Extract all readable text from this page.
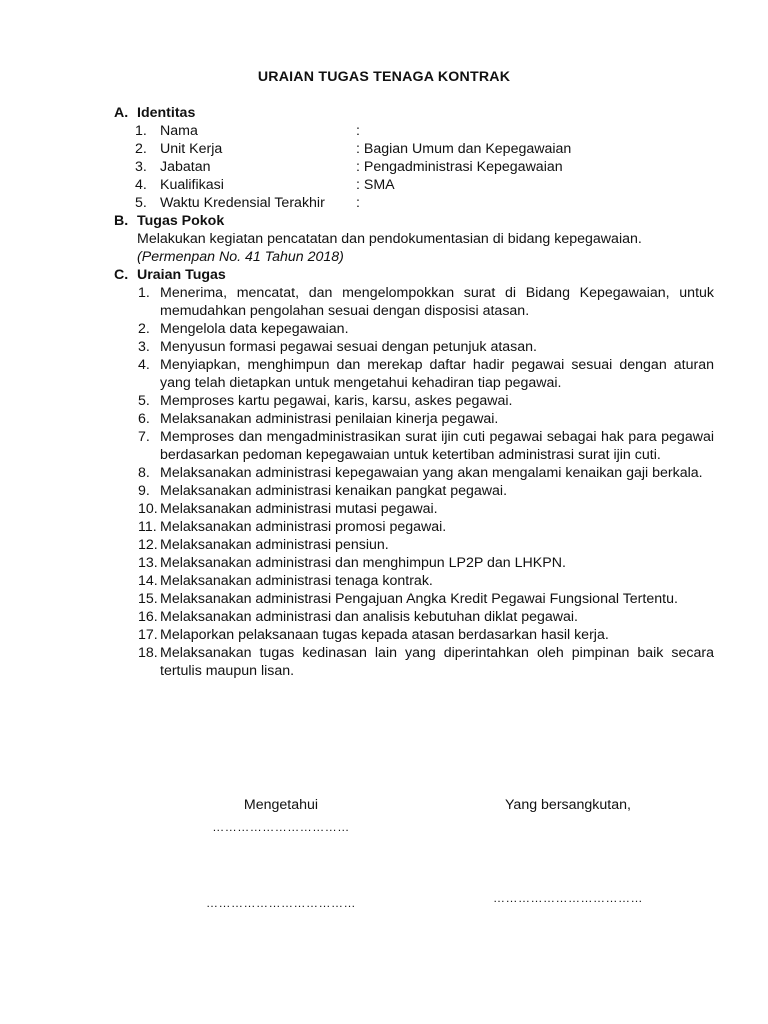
URAIAN TUGAS TENAGA KONTRAK
A. Identitas
1. Nama	:
2. Unit Kerja	: Bagian Umum dan Kepegawaian
3. Jabatan	: Pengadministrasi Kepegawaian
4. Kualifikasi	: SMA
5. Waktu Kredensial Terakhir	:
B. Tugas Pokok
Melakukan kegiatan pencatatan dan pendokumentasian di bidang kepegawaian.
(Permenpan No. 41 Tahun 2018)
C. Uraian Tugas
1. Menerima, mencatat, dan mengelompokkan surat di Bidang Kepegawaian, untuk memudahkan pengolahan sesuai dengan disposisi atasan.
2. Mengelola data kepegawaian.
3. Menyusun formasi pegawai sesuai dengan petunjuk atasan.
4. Menyiapkan, menghimpun dan merekap daftar hadir pegawai sesuai dengan aturan yang telah dietapkan untuk mengetahui kehadiran tiap pegawai.
5. Memproses kartu pegawai, karis, karsu, askes pegawai.
6. Melaksanakan administrasi penilaian kinerja pegawai.
7. Memproses dan mengadministrasikan surat ijin cuti pegawai sebagai hak para pegawai berdasarkan pedoman kepegawaian untuk ketertiban administrasi surat ijin cuti.
8. Melaksanakan administrasi kepegawaian yang akan mengalami kenaikan gaji berkala.
9. Melaksanakan administrasi kenaikan pangkat pegawai.
10. Melaksanakan administrasi mutasi pegawai.
11. Melaksanakan administrasi promosi pegawai.
12. Melaksanakan administrasi pensiun.
13. Melaksanakan administrasi dan menghimpun LP2P dan LHKPN.
14. Melaksanakan administrasi tenaga kontrak.
15. Melaksanakan administrasi Pengajuan Angka Kredit Pegawai Fungsional Tertentu.
16. Melaksanakan administrasi dan analisis kebutuhan diklat pegawai.
17. Melaporkan pelaksanaan tugas kepada atasan berdasarkan hasil kerja.
18. Melaksanakan tugas kedinasan lain yang diperintahkan oleh pimpinan baik secara tertulis maupun lisan.
Mengetahui
……………………………
………………………………
Yang bersangkutan,
………………………………
